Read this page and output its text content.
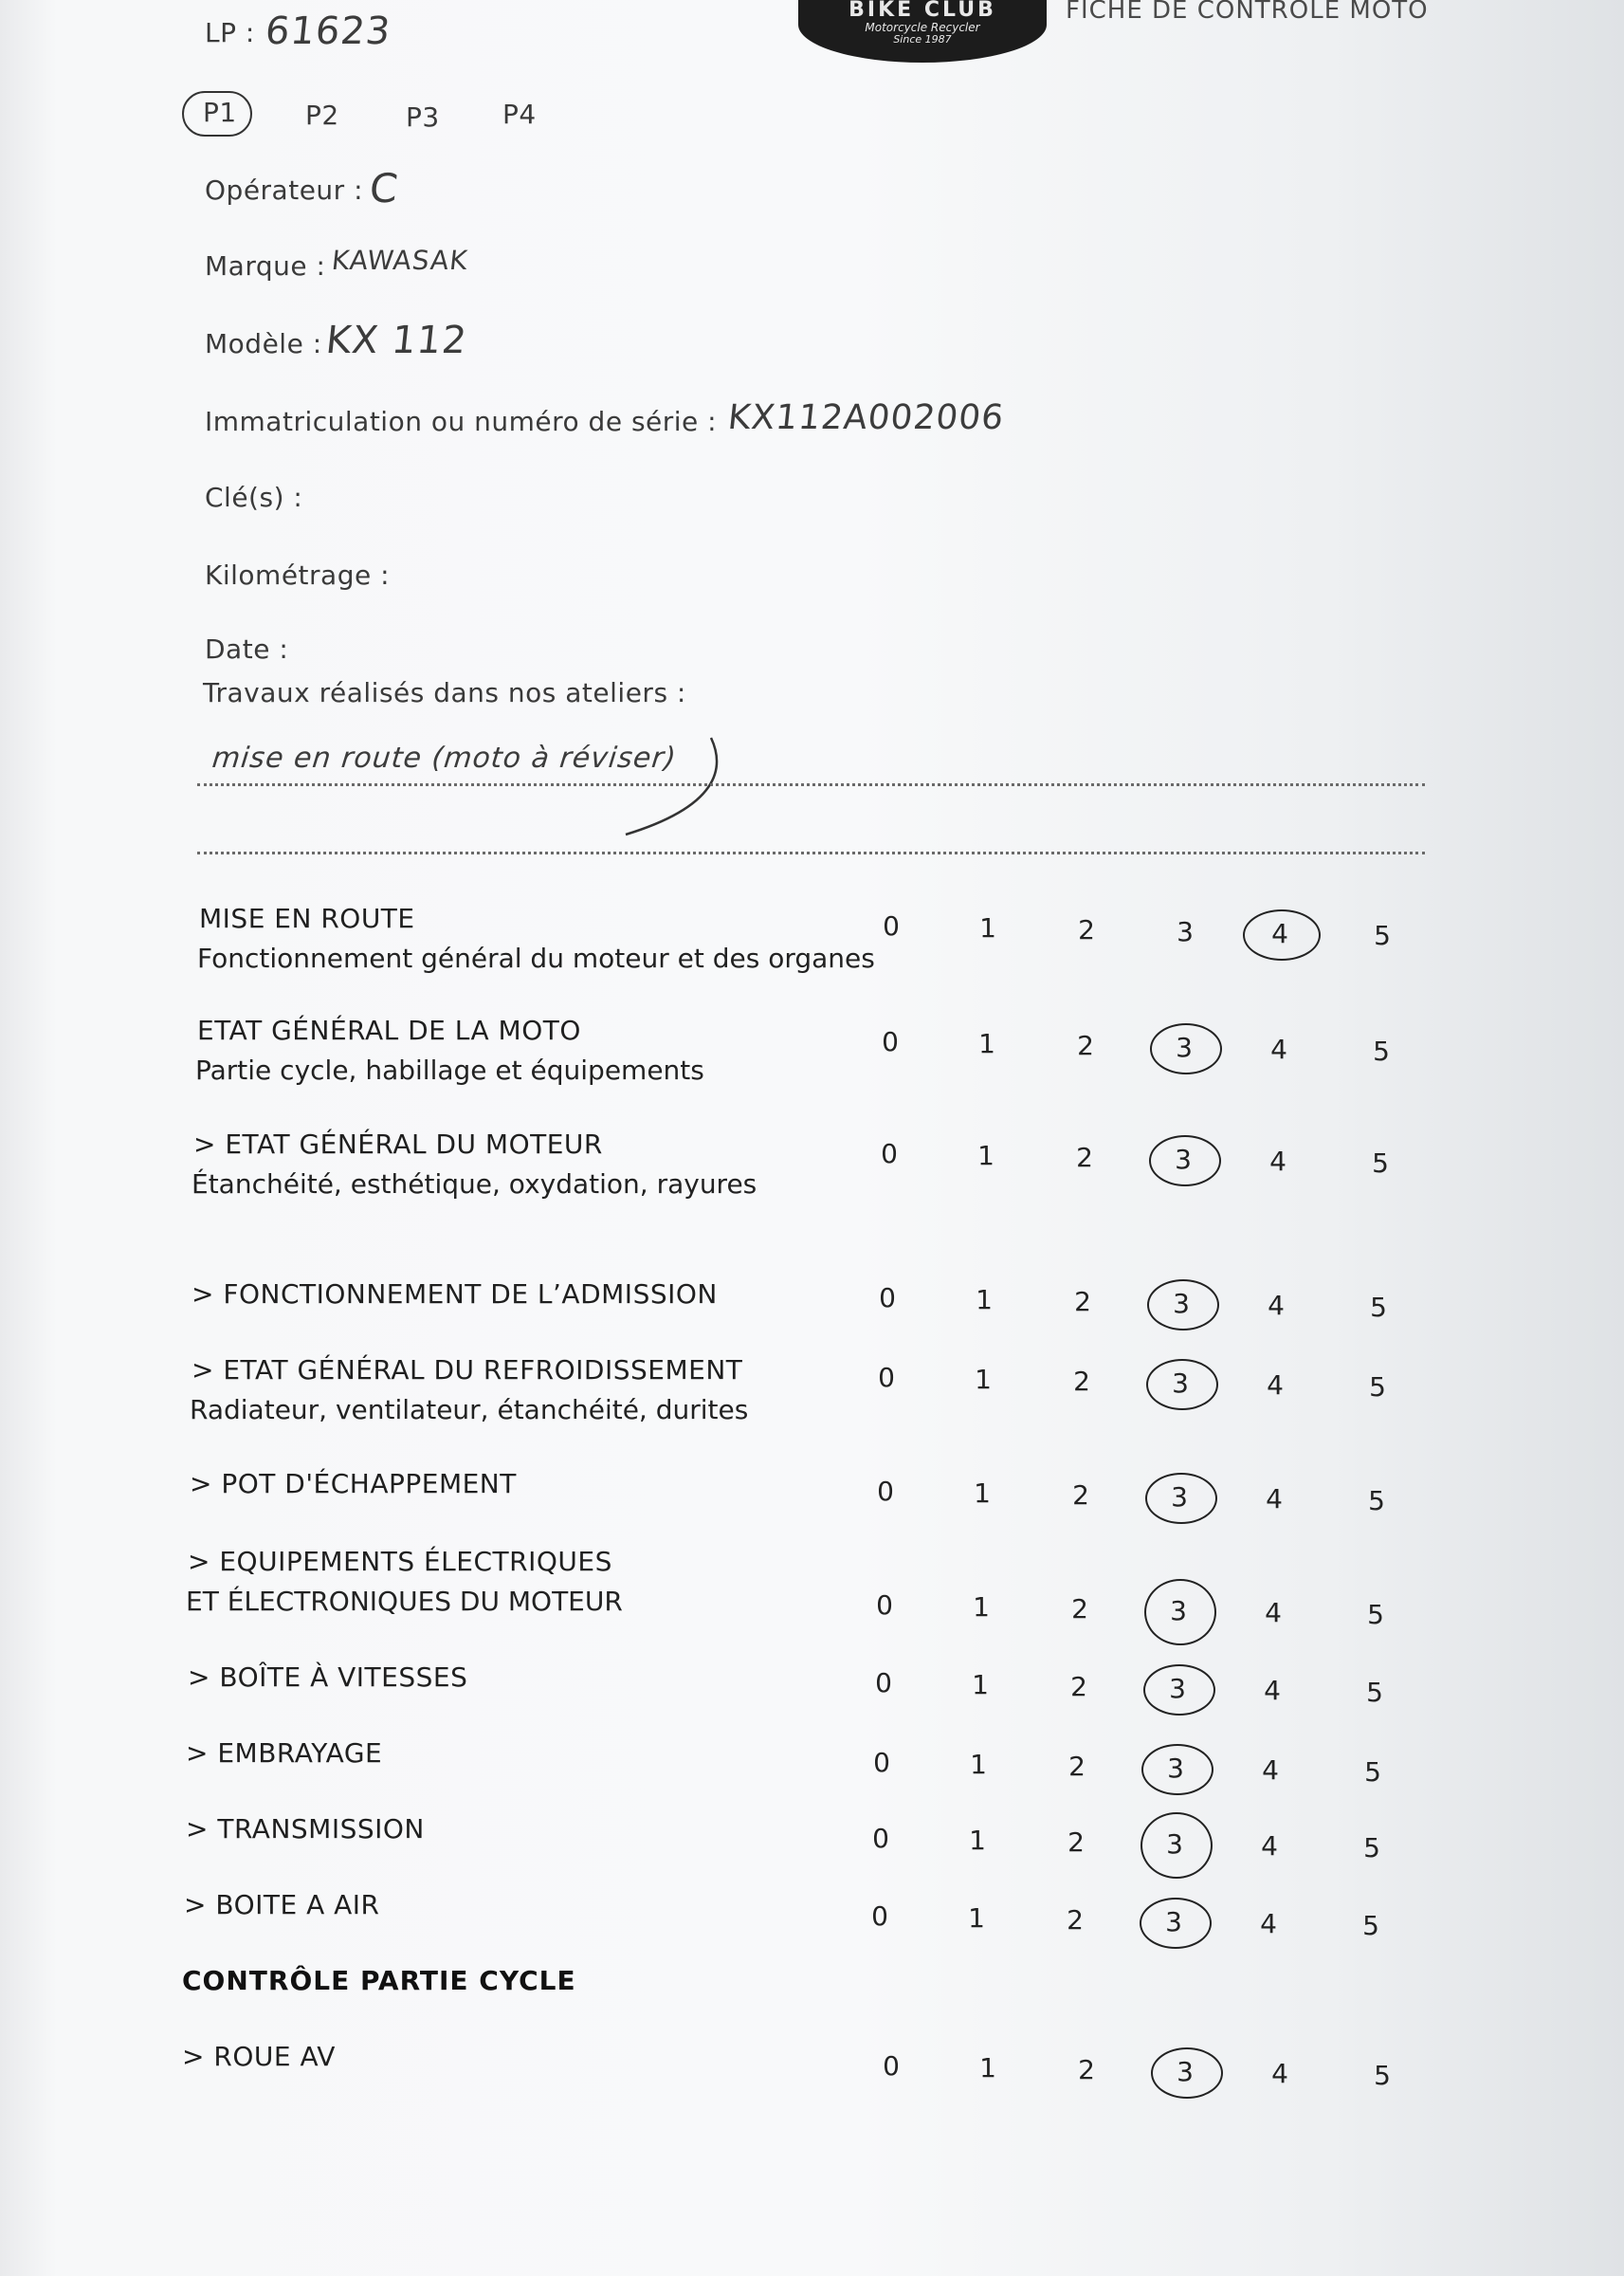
LP : 61623	BIKE CLUB
Motorcycle Recycler
Since 1987
FICHE DE CONTROLE MOTO
P1	P2	P3 P4
Opérateur : C
Marque : KAWASAK
Modèle : KX 112
Immatriculation ou numéro de série : KX112A002006
Clé(s) :
Kilométrage :
Date :
Travaux réalisés dans nos ateliers :
mise en route (moto à réviser)
MISE EN ROUTE
Fonctionnement général du moteur et des organes
0	1	2	3	4	5
ETAT GÉNÉRAL DE LA MOTO
Partie cycle, habillage et équipements
0	1	2	3	4	5
> ETAT GÉNÉRAL DU MOTEUR
Étanchéité, esthétique, oxydation, rayures
0	1	2	3	4	5
> FONCTIONNEMENT DE L’ADMISSION	0	1	2	3	4	5
> ETAT GÉNÉRAL DU REFROIDISSEMENT
Radiateur, ventilateur, étanchéité, durites
0	1	2	3	4	5
> POT D'ÉCHAPPEMENT	0	1	2	3	4	5
> EQUIPEMENTS ÉLECTRIQUES
ET ÉLECTRONIQUES DU MOTEUR	0	1	2	3	4	5
> BOÎTE À VITESSES	0	1	2	3	4	5
> EMBRAYAGE	0	1	2	3	4	5
> TRANSMISSION	0	1	2	3	4	5
> BOITE A AIR	0	1	2	3	4	5
> ROUE AV	0	1	2	3	4	5
CONTRÔLE PARTIE CYCLE
